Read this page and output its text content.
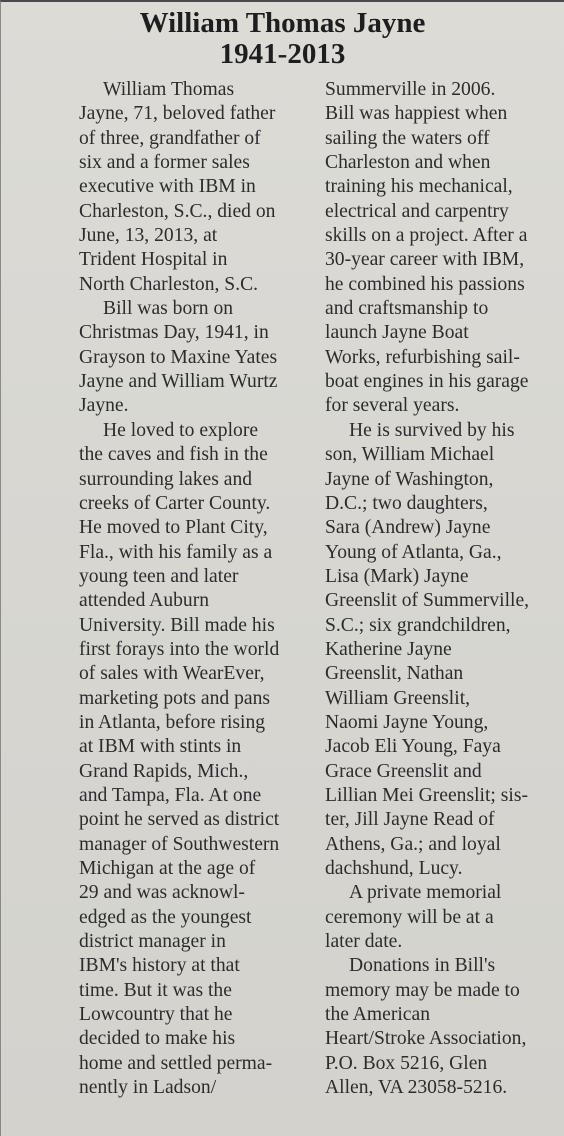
William Thomas Jayne
1941-2013

William Thomas
Jayne, 71, beloved father
of three, grandfather of
six and a former sales
executive with IBM in
Charleston, S.C., died on
June, 13, 2013, at
Trident Hospital in
North Charleston, S.C.

Bill was born on
Christmas Day, 1941, in
Grayson to Maxine Yates
Jayne and William Wurtz
Jayne.

He loved to explore
the caves and fish in the
surrounding lakes and
creeks of Carter County.
He moved to Plant City,
Fla., with his family as a
young teen and later
attended Auburn
University. Bill made his
first forays into the world
of sales with WearEver,
marketing pots and pans
in Atlanta, before rising
at IBM with stints in
Grand Rapids, Mich.,
and Tampa, Fla. At one
point he served as district
manager of Southwestern
Michigan at the age of
29 and was acknowl-
edged as the youngest
district manager in
IBM's history at that
time. But it was the
Lowcountry that he
decided to make his
home and settled perma-
nently in Ladson/

Summerville in 2006.
Bill was happiest when
sailing the waters off
Charleston and when
training his mechanical,
electrical and carpentry
skills on a project. After a
30-year career with IBM,
he combined his passions
and craftsmanship to
launch Jayne Boat
Works, refurbishing sail-
boat engines in his garage
for several years.

He is survived by his
son, William Michael
Jayne of Washington,
D.C.; two daughters,
Sara (Andrew) Jayne
Young of Atlanta, Ga.,
Lisa (Mark) Jayne
Greenslit of Summerville,
S.C.; six grandchildren,
Katherine Jayne
Greenslit, Nathan
William Greenslit,
Naomi Jayne Young,
Jacob Eli Young, Faya
Grace Greenslit and
Lillian Mei Greenslit; sis-
ter, Jill Jayne Read of
Athens, Ga.; and loyal
dachshund, Lucy.

A private memorial
ceremony will be at a
later date.

Donations in Bill's
memory may be made to
the American
Heart/Stroke Association,
P.O. Box 5216, Glen
Allen, VA 23058-5216.
